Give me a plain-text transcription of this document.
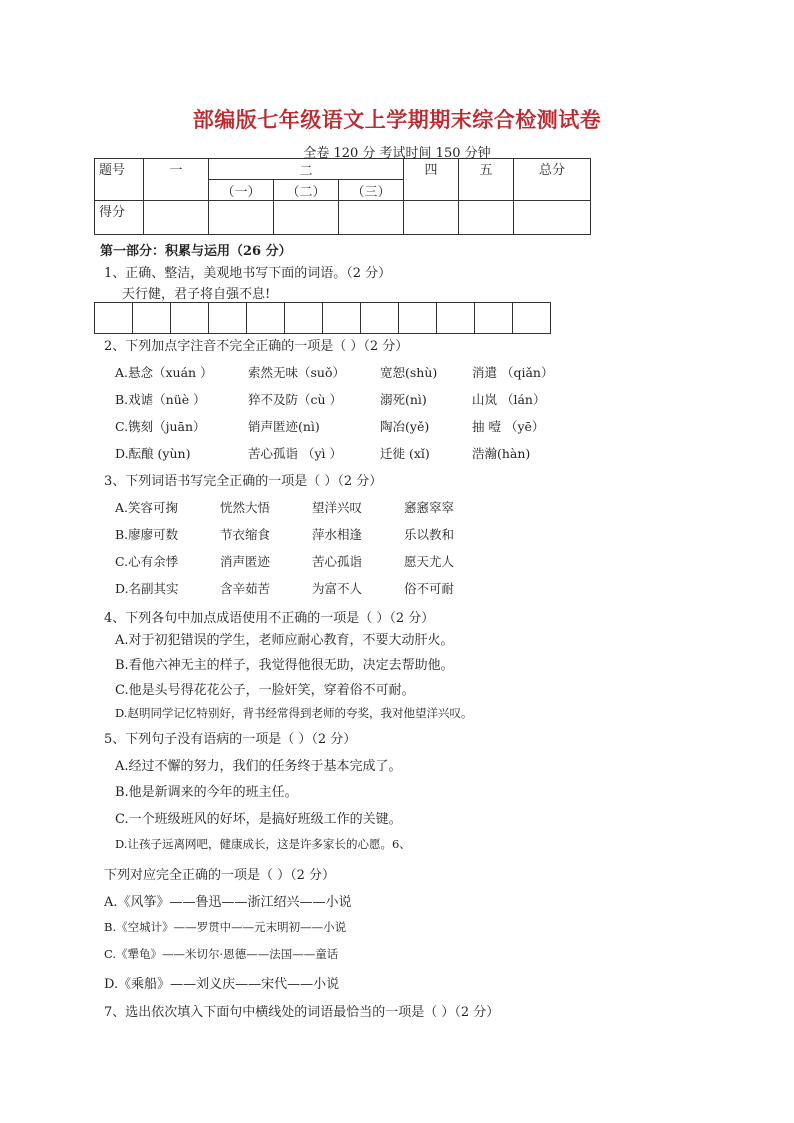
部编版七年级语文上学期期末综合检测试卷
全卷 120 分 考试时间 150 分钟
题号	一	二			四	五	总分
		（一）	（二）	（三）			
得分							
第一部分：积累与运用（26 分）
1、正确、整洁，美观地书写下面的词语。（2 分）
天行健，君子将自强不息!
2、下列加点字注音不完全正确的一项是（ ）（2 分）
A.悬念（xuán ）	索然无味（suǒ）	宽恕(shù)	消遣 （qiǎn）
B.戏谑（nüè ）	猝不及防（cù ）	溺死(nì)	山岚 （lán）
C.镌刻（juān）	销声匿迹(nì)	陶冶(yě)	抽 噎 （yē）
D.酝酿 (yùn)	苦心孤诣 （yì ）	迁徙 (xǐ)	浩瀚(hàn)
3、下列词语书写完全正确的一项是（ ）（2 分）
A.笑容可掬	恍然大悟	望洋兴叹	窸窸窣窣
B.廖廖可数	节衣缩食	萍水相逢	乐以教和
C.心有余悸	消声匿迹	苦心孤诣	愿天尤人
D.名副其实	含辛茹苦	为富不人	俗不可耐
4、下列各句中加点成语使用不正确的一项是（ ）（2 分）
A.对于初犯错误的学生，老师应耐心教育，不要大动肝火。
B.看他六神无主的样子，我觉得他很无助，决定去帮助他。
C.他是头号得花花公子，一脸奸笑，穿着俗不可耐。
D.赵明同学记忆特别好，背书经常得到老师的夸奖，我对他望洋兴叹。
5、下列句子没有语病的一项是（ ）（2 分）
A.经过不懈的努力，我们的任务终于基本完成了。
B.他是新调来的今年的班主任。
C.一个班级班风的好坏，是搞好班级工作的关键。
D.让孩子远离网吧，健康成长，这是许多家长的心愿。6、
下列对应完全正确的一项是（ ）（2 分）
A.《风筝》——鲁迅——浙江绍兴——小说
B.《空城计》——罗贯中——元末明初——小说
C.《犟龟》——米切尔·恩德——法国——童话
D.《乘船》——刘义庆——宋代——小说
7、选出依次填入下面句中横线处的词语最恰当的一项是（ ）（2 分）
